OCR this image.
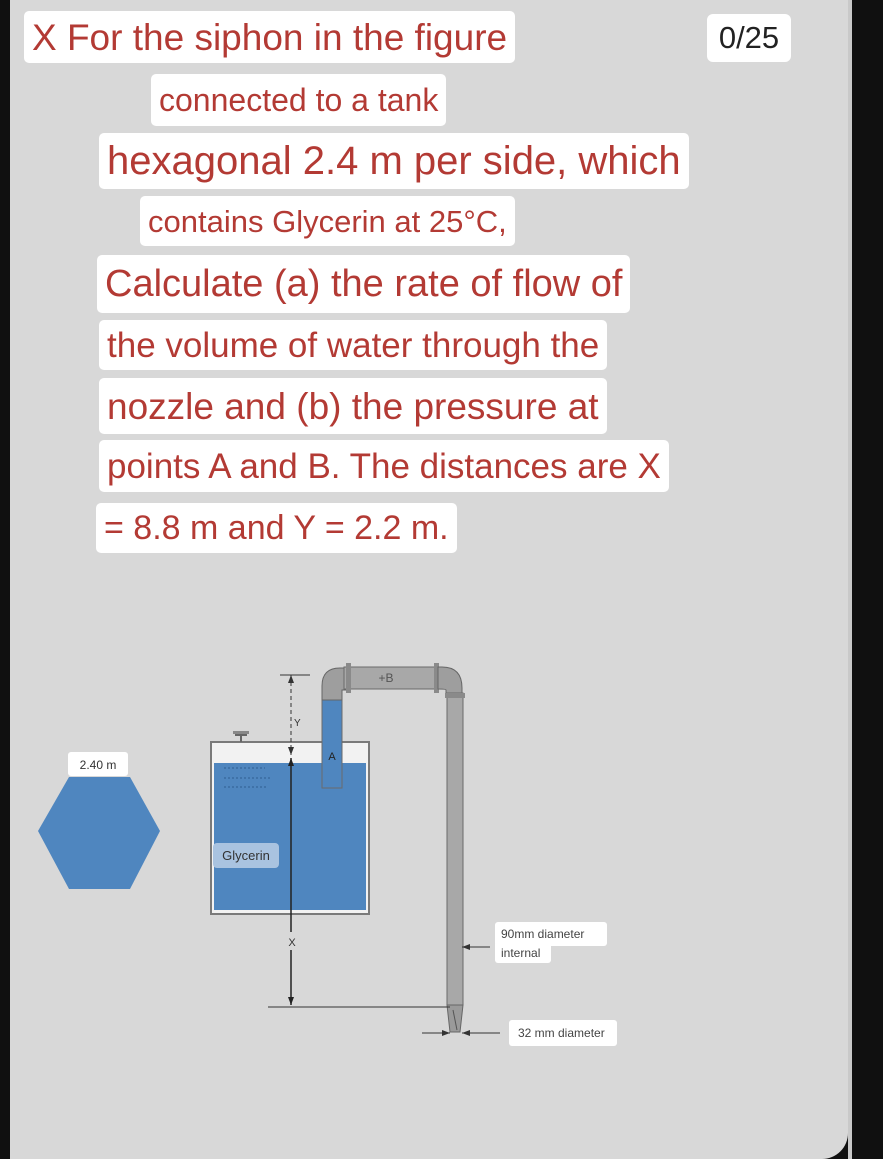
X For the siphon in the figure
connected to a tank
hexagonal 2.4 m per side, which
contains Glycerin at 25°C,
Calculate (a) the rate of flow of
the volume of water through the
nozzle and (b) the pressure at
points A and B. The distances are X
= 8.8 m and Y = 2.2 m.
0/25
2.40 m
Glycerin
A
+B
Y
X
90mm diameter
internal
32 mm diameter
